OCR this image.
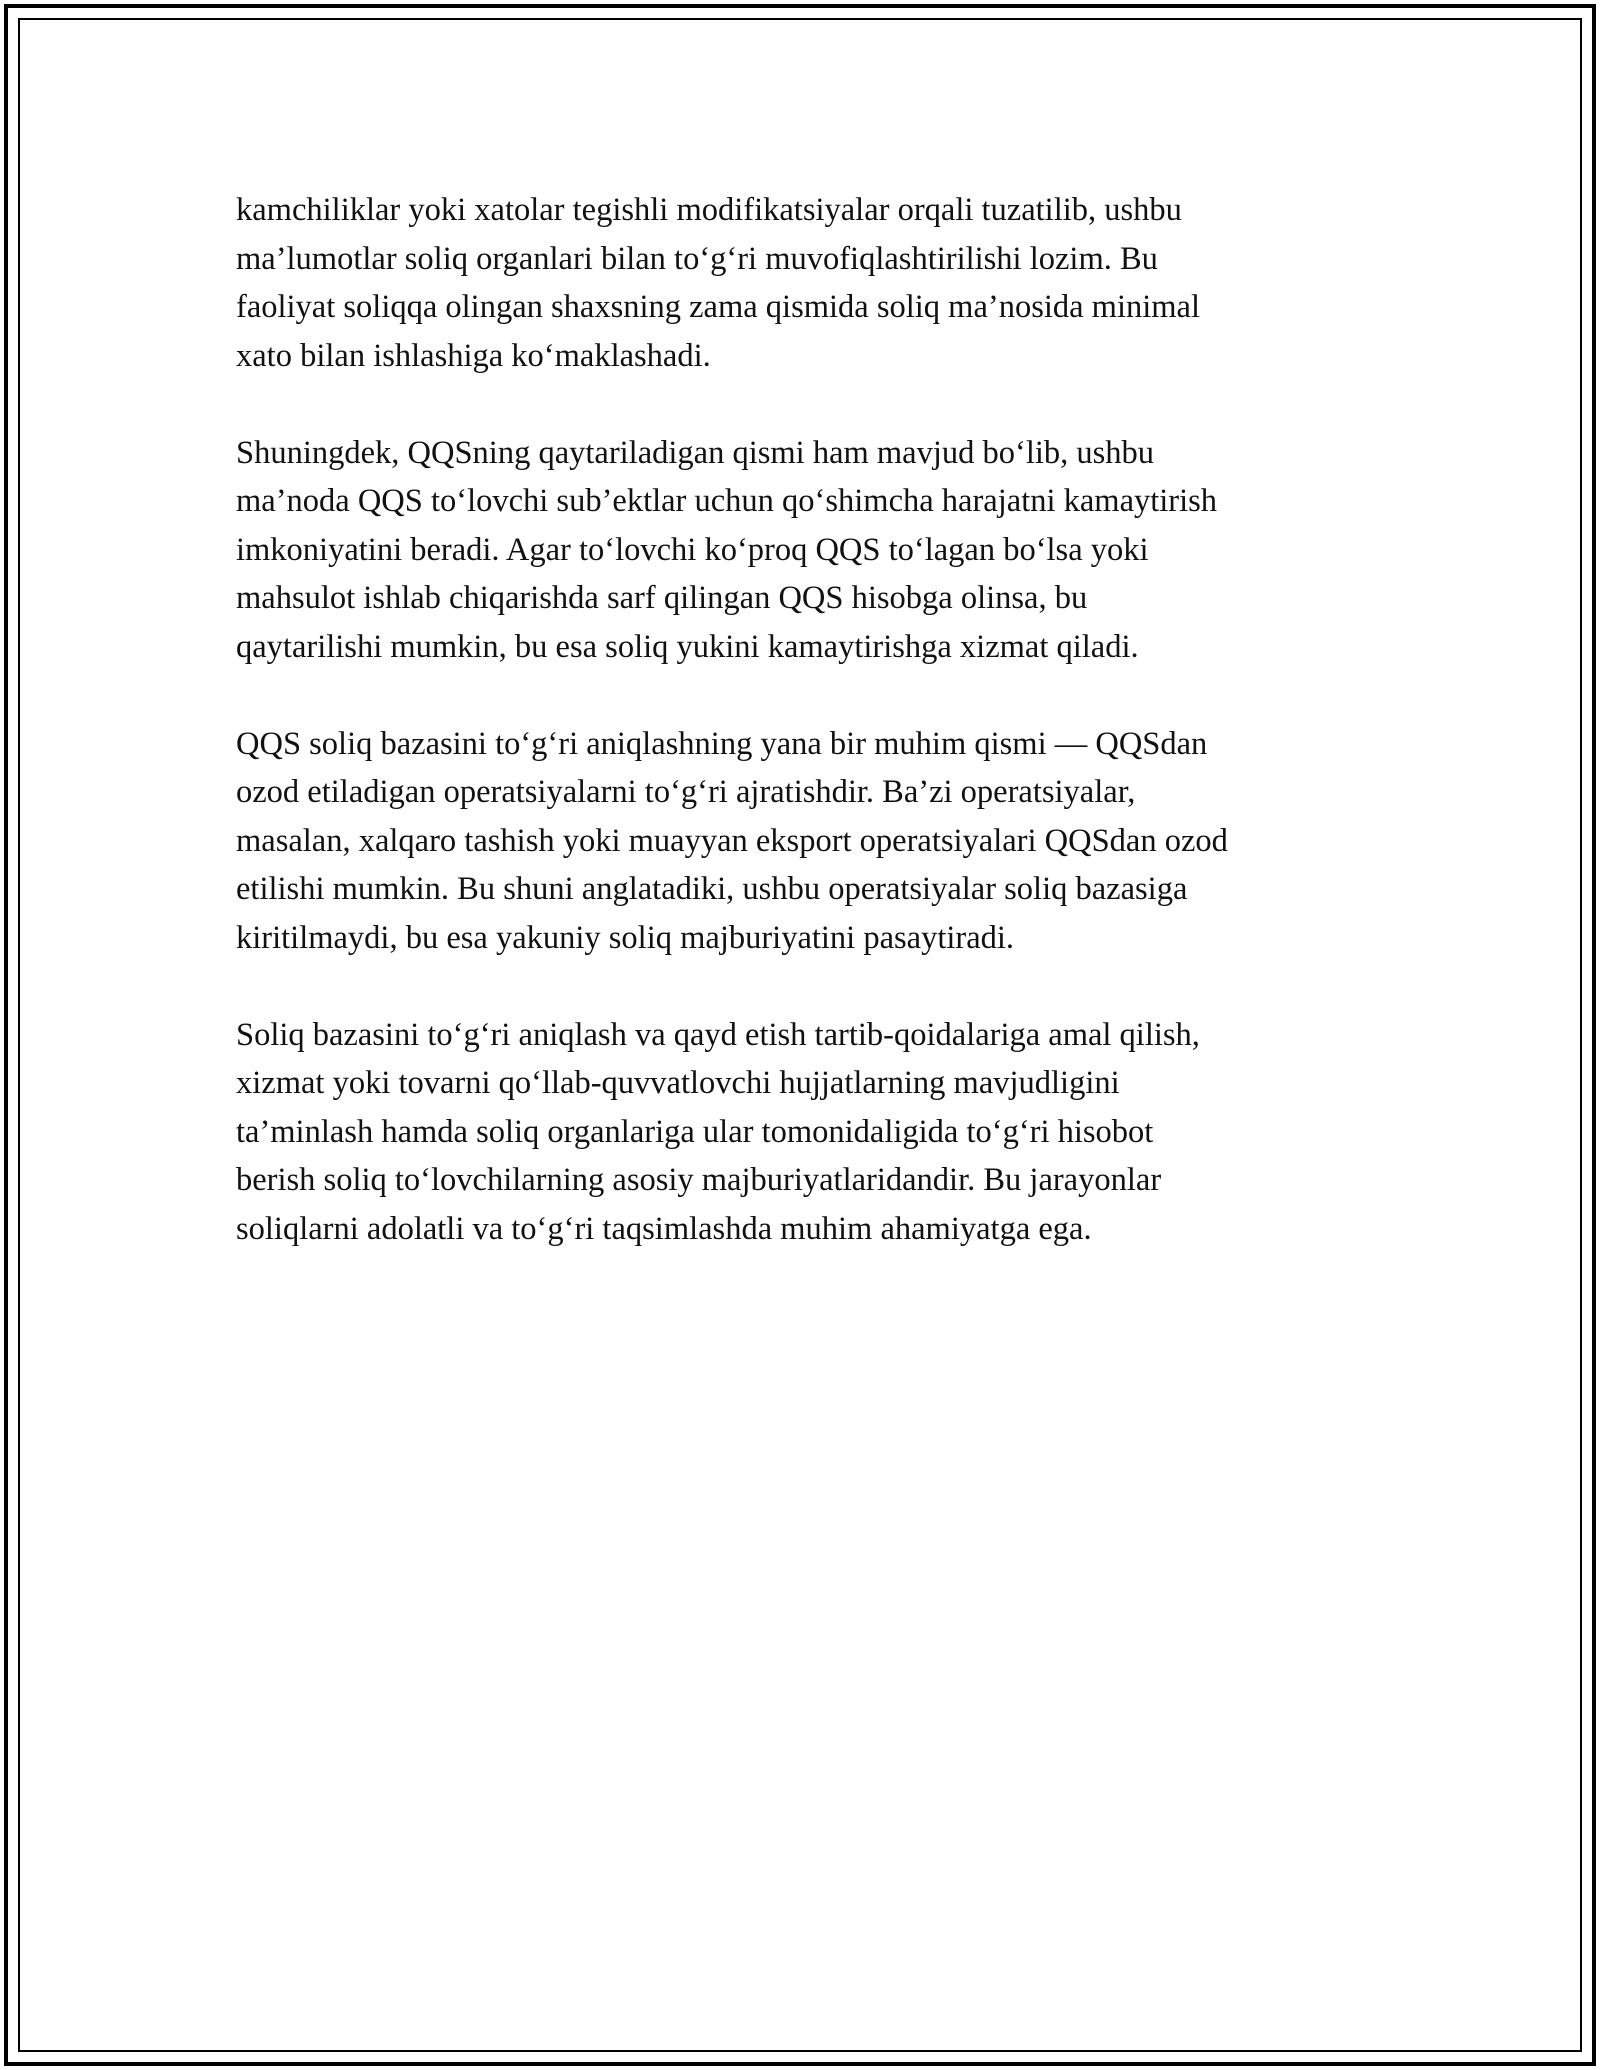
kamchiliklar yoki xatolar tegishli modifikatsiyalar orqali tuzatilib, ushbu
ma’lumotlar soliq organlari bilan to‘g‘ri muvofiqlashtirilishi lozim. Bu
faoliyat soliqqa olingan shaxsning zama qismida soliq ma’nosida minimal
xato bilan ishlashiga ko‘maklashadi.

Shuningdek, QQSning qaytariladigan qismi ham mavjud bo‘lib, ushbu
ma’noda QQS to‘lovchi sub’ektlar uchun qo‘shimcha harajatni kamaytirish
imkoniyatini beradi. Agar to‘lovchi ko‘proq QQS to‘lagan bo‘lsa yoki
mahsulot ishlab chiqarishda sarf qilingan QQS hisobga olinsa, bu
qaytarilishi mumkin, bu esa soliq yukini kamaytirishga xizmat qiladi.

QQS soliq bazasini to‘g‘ri aniqlashning yana bir muhim qismi — QQSdan
ozod etiladigan operatsiyalarni to‘g‘ri ajratishdir. Ba’zi operatsiyalar,
masalan, xalqaro tashish yoki muayyan eksport operatsiyalari QQSdan ozod
etilishi mumkin. Bu shuni anglatadiki, ushbu operatsiyalar soliq bazasiga
kiritilmaydi, bu esa yakuniy soliq majburiyatini pasaytiradi.

Soliq bazasini to‘g‘ri aniqlash va qayd etish tartib-qoidalariga amal qilish,
xizmat yoki tovarni qo‘llab-quvvatlovchi hujjatlarning mavjudligini
ta’minlash hamda soliq organlariga ular tomonidaligida to‘g‘ri hisobot
berish soliq to‘lovchilarning asosiy majburiyatlaridandir. Bu jarayonlar
soliqlarni adolatli va to‘g‘ri taqsimlashda muhim ahamiyatga ega.
